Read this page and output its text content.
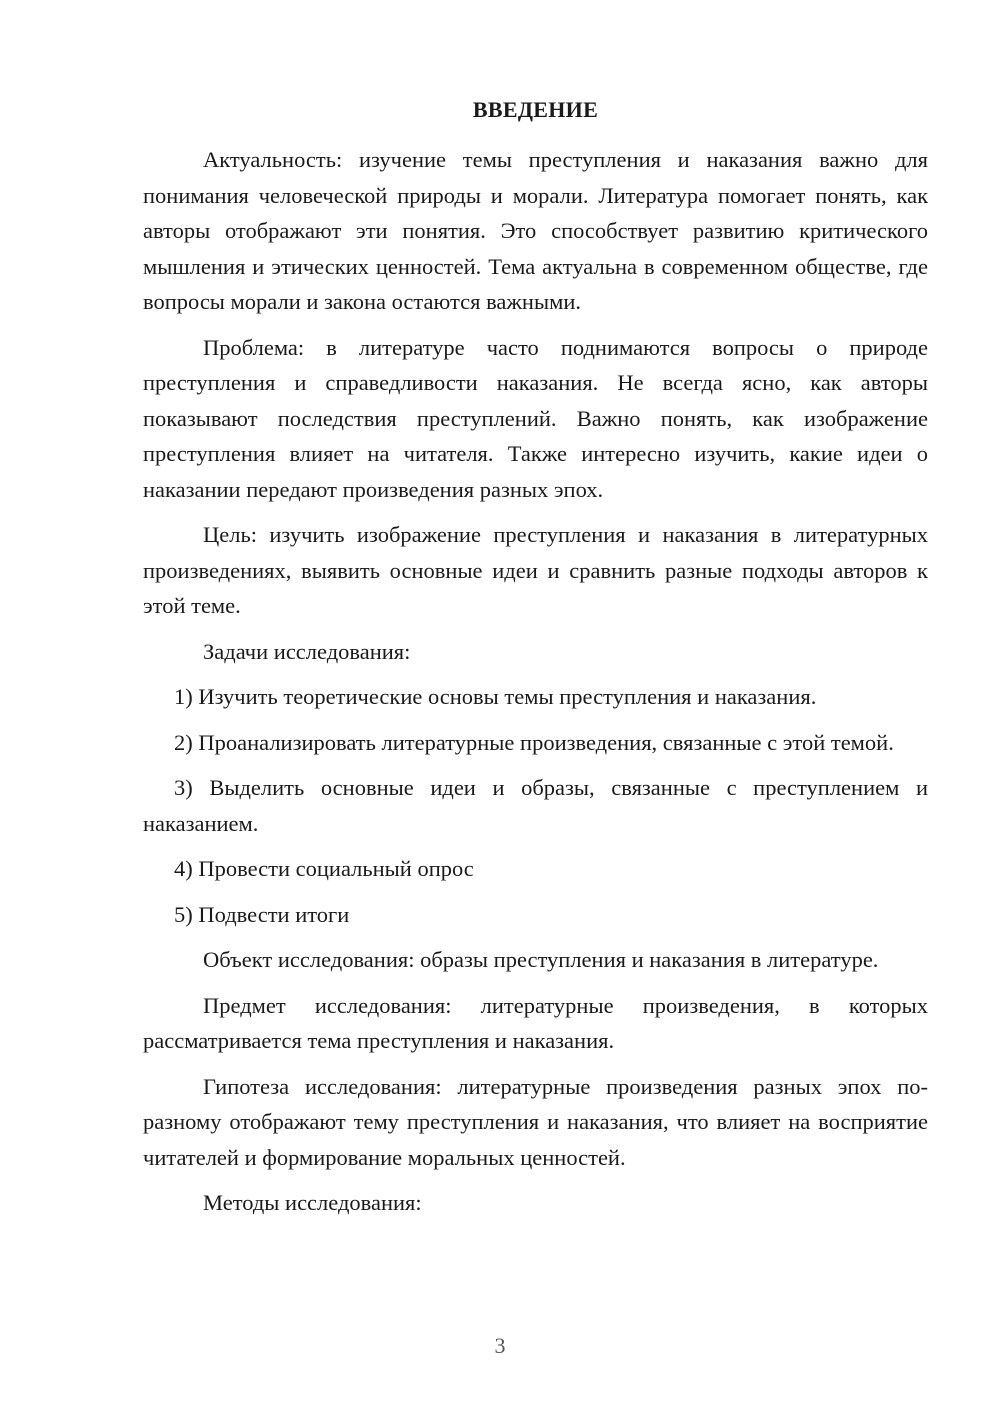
ВВЕДЕНИЕ

Актуальность: изучение темы преступления и наказания важно для понимания человеческой природы и морали. Литература помогает понять, как авторы отображают эти понятия. Это способствует развитию критического мышления и этических ценностей. Тема актуальна в современном обществе, где вопросы морали и закона остаются важными.

Проблема: в литературе часто поднимаются вопросы о природе преступления и справедливости наказания. Не всегда ясно, как авторы показывают последствия преступлений. Важно понять, как изображение преступления влияет на читателя. Также интересно изучить, какие идеи о наказании передают произведения разных эпох.

Цель: изучить изображение преступления и наказания в литературных произведениях, выявить основные идеи и сравнить разные подходы авторов к этой теме.

Задачи исследования:

1) Изучить теоретические основы темы преступления и наказания.

2) Проанализировать литературные произведения, связанные с этой темой.

3) Выделить основные идеи и образы, связанные с преступлением и наказанием.

4) Провести социальный опрос

5) Подвести итоги

Объект исследования: образы преступления и наказания в литературе.

Предмет исследования: литературные произведения, в которых рассматривается тема преступления и наказания.

Гипотеза исследования: литературные произведения разных эпох по-разному отображают тему преступления и наказания, что влияет на восприятие читателей и формирование моральных ценностей.

Методы исследования:

3
